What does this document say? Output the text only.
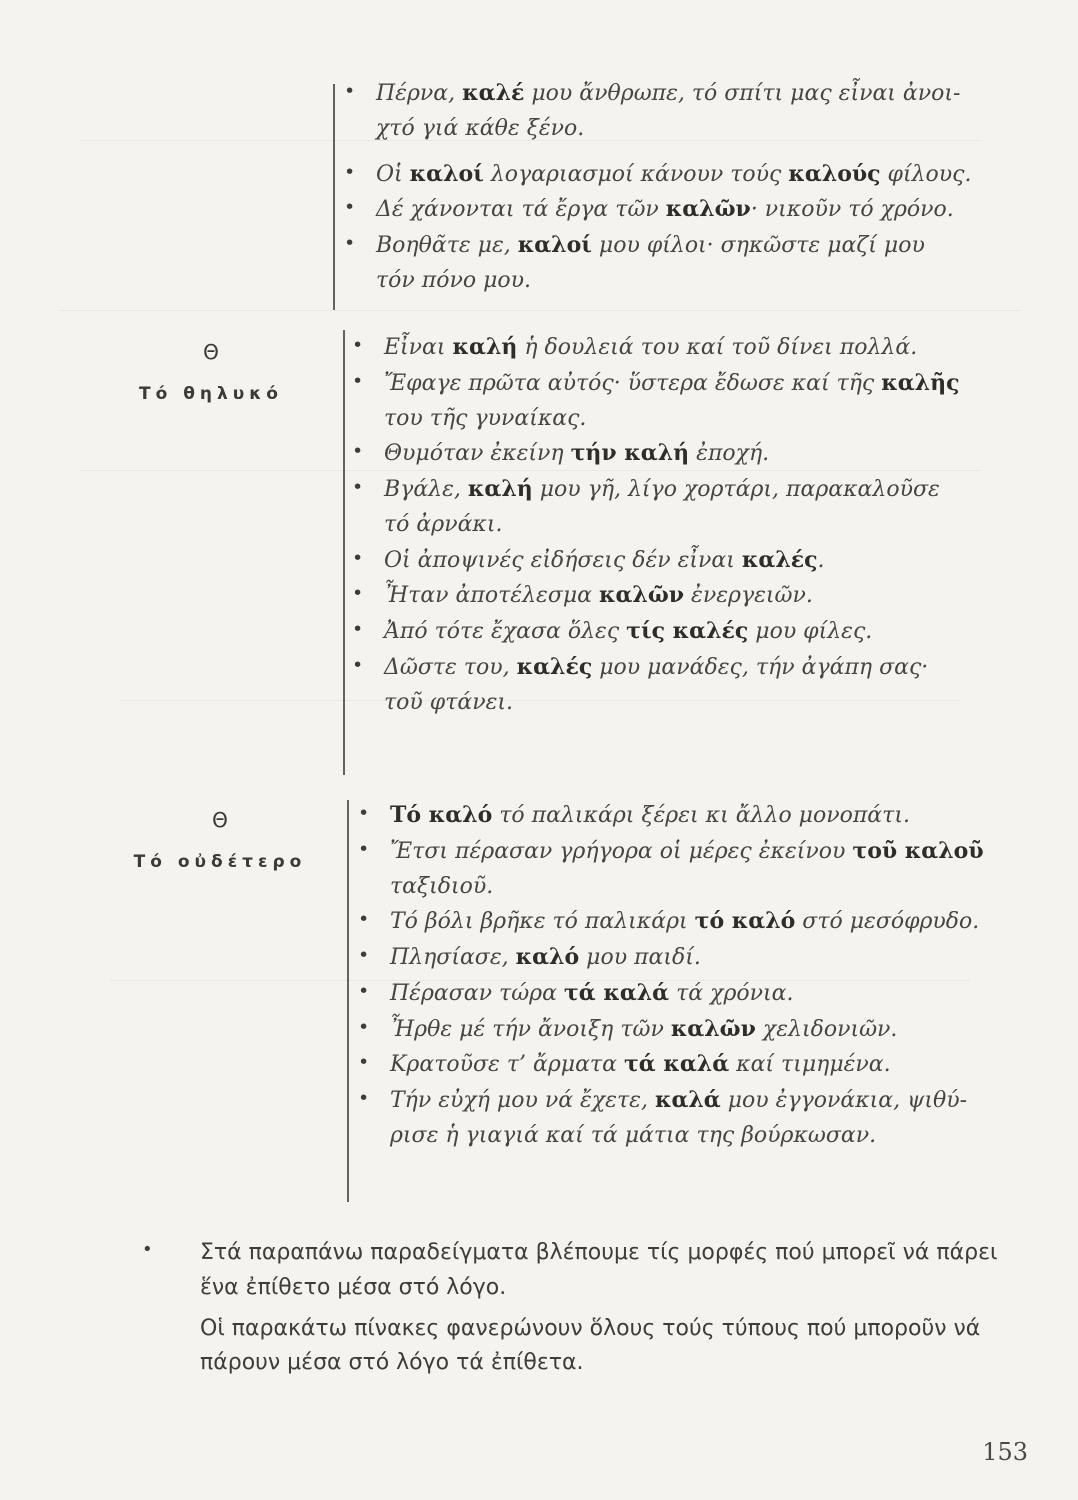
Θ
Τό θηλυκό
Θ
Τό οὐδέτερο
• Πέρνα, καλέ μου ἄνθρωπε, τό σπίτι μας εἶναι ἀνοι-
χτό γιά κάθε ξένο.
• Οἱ καλοί λογαριασμοί κάνουν τούς καλούς φίλους.
• Δέ χάνονται τά ἔργα τῶν καλῶν· νικοῦν τό χρόνο.
• Βοηθᾶτε με, καλοί μου φίλοι· σηκῶστε μαζί μου
τόν πόνο μου.
• Εἶναι καλή ἡ δουλειά του καί τοῦ δίνει πολλά.
• Ἔφαγε πρῶτα αὐτός· ὕστερα ἔδωσε καί τῆς καλῆς
του τῆς γυναίκας.
• Θυμόταν ἐκείνη τήν καλή ἐποχή.
• Βγάλε, καλή μου γῆ, λίγο χορτάρι, παρακαλοῦσε
τό ἀρνάκι.
• Οἱ ἀποψινές εἰδήσεις δέν εἶναι καλές.
• Ἦταν ἀποτέλεσμα καλῶν ἐνεργειῶν.
• Ἀπό τότε ἔχασα ὅλες τίς καλές μου φίλες.
• Δῶστε του, καλές μου μανάδες, τήν ἀγάπη σας·
τοῦ φτάνει.
• Τό καλό τό παλικάρι ξέρει κι ἄλλο μονοπάτι.
• Ἔτσι πέρασαν γρήγορα οἱ μέρες ἐκείνου τοῦ καλοῦ
ταξιδιοῦ.
• Τό βόλι βρῆκε τό παλικάρι τό καλό στό μεσόφρυδο.
• Πλησίασε, καλό μου παιδί.
• Πέρασαν τώρα τά καλά τά χρόνια.
• Ἦρθε μέ τήν ἄνοιξη τῶν καλῶν χελιδονιῶν.
• Κρατοῦσε τ’ ἄρματα τά καλά καί τιμημένα.
• Τήν εὐχή μου νά ἔχετε, καλά μου ἐγγονάκια, ψιθύ-
ρισε ἡ γιαγιά καί τά μάτια της βούρκωσαν.
•	Στά παραπάνω παραδείγματα βλέπουμε τίς μορφές πού μπορεῖ νά πάρει ἕνα ἐπίθετο μέσα στό λόγο.

Οἱ παρακάτω πίνακες φανερώνουν ὅλους τούς τύπους πού μποροῦν νά πάρουν μέσα στό λόγο τά ἐπίθετα.

153
